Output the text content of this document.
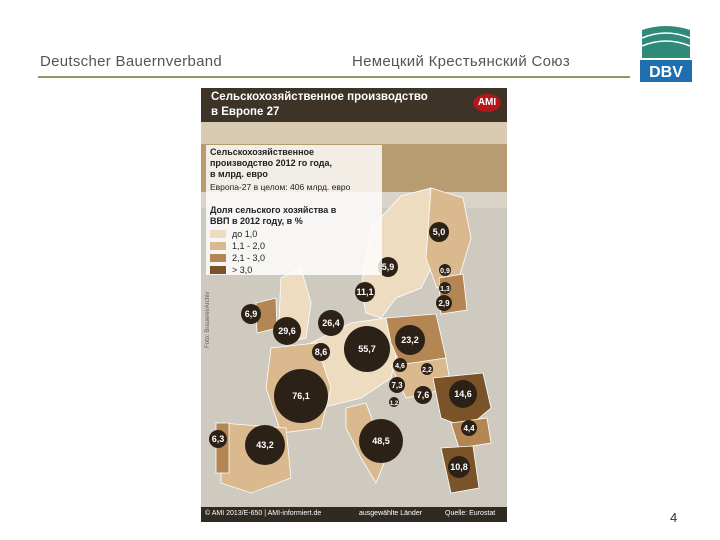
Deutscher Bauernverband	Немецкий Крестьянский Союз
DBV
5,0
5,9	0,9
11,1	1,3
2,9
6,9
29,6
26,4
23,2
8,6	55,7
4,6
2,2
7,3
76,1
1,2
7,6	14,6
4,4
6,3
43,2	48,5
10,8
Сельскохозяйственное производство
в Европе 27
AMI
Сельскохозяйственное
производство 2012 го года,
в млрд. евро
Европа-27 в целом: 406 млрд. евро
Доля сельского хозяйства в
ВВП в 2012 году, в %
до 1,0
1,1 - 2,0
2,1 - 3,0
> 3,0
Foto: Brauerei/Archiv
© AMI 2013/E-650 | AMI-informiert.de	ausgewählte Länder	Quelle: Eurostat	4
